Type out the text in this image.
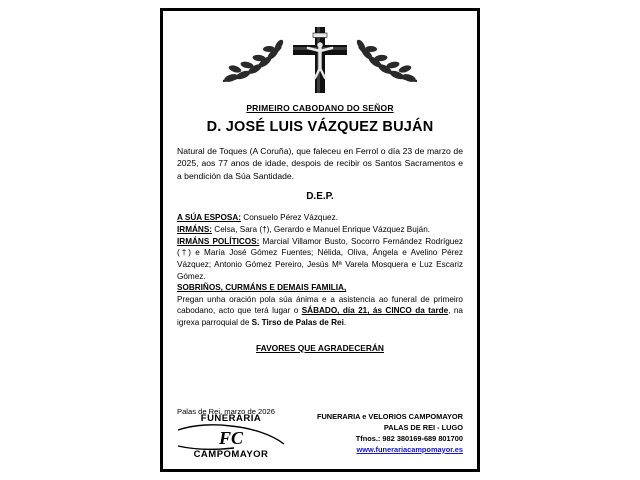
PRIMEIRO CABODANO DO SEÑOR
D. JOSÉ LUIS VÁZQUEZ BUJÁN
Natural de Toques (A Coruña), que faleceu en Ferrol o día 23 de marzo de 2025, aos 77 anos de idade, despois de recibir os Santos Sacramentos e a bendición da Súa Santidade.
D.E.P.

A SÚA ESPOSA: Consuelo Pérez Vázquez.

IRMÁNS: Celsa, Sara (†), Gerardo e Manuel Enrique Vázquez Buján.

IRMÁNS POLÍTICOS: Marcial Villamor Busto, Socorro Fernández Rodríguez (†) e María José Gómez Fuentes; Nélida, Oliva, Ángela e Avelino Pérez Vázquez; Antonio Gómez Pereiro, Jesús Mª Varela Mosquera e Luz Escariz Gómez.

SOBRIÑOS, CURMÁNS E DEMAIS FAMILIA,

Pregan unha oración pola súa ánima e a asistencia ao funeral de primeiro cabodano, acto que terá lugar o SÁBADO, día 21, ás CINCO da tarde, na igrexa parroquial de S. Tirso de Palas de Rei.

FAVORES QUE AGRADECERÁN
Palas de Rei, marzo de 2026
FUNERARIA
FC
CAMPOMAYOR
FUNERARIA e VELORIOS CAMPOMAYOR
PALAS DE REI - LUGO
Tfnos.: 982 380169-689 801700
www.funerariacampomayor.es
